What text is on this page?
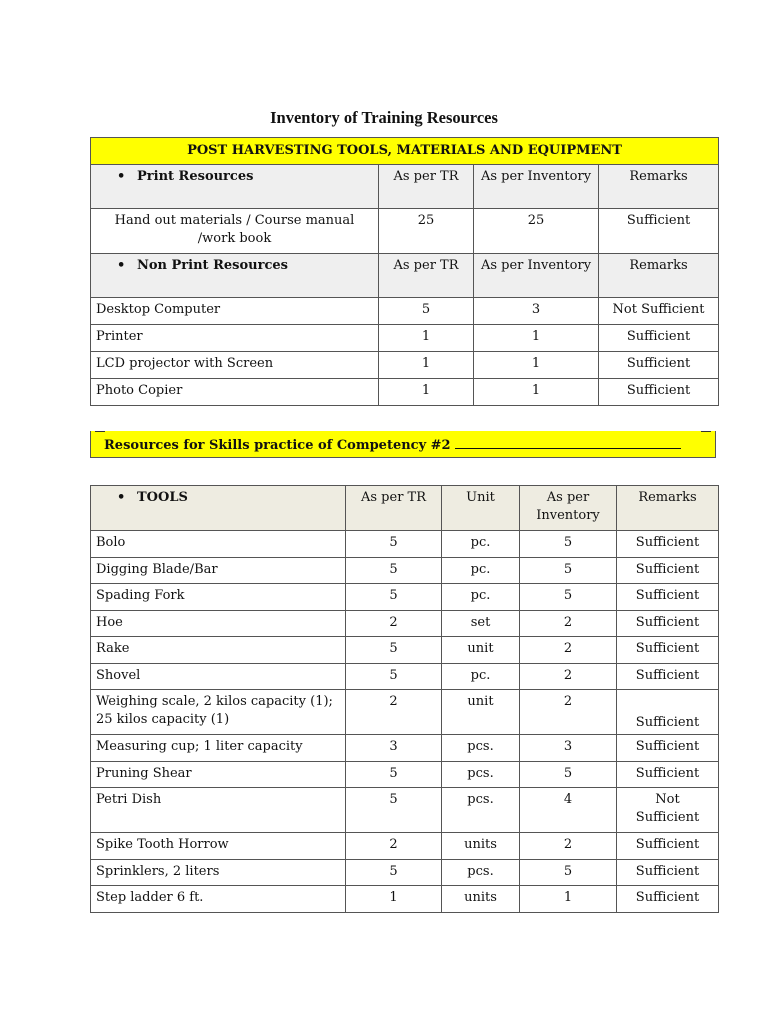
Inventory of Training Resources
POST HARVESTING TOOLS, MATERIALS AND EQUIPMENT			
• Print Resources	As per TR	As per Inventory	Remarks
Hand out materials / Course manual /work book	25	25	Sufficient
• Non Print Resources	As per TR	As per Inventory	Remarks
Desktop Computer	5	3	Not Sufficient
Printer	1	1	Sufficient
LCD projector with Screen	1	1	Sufficient
Photo Copier	1	1	Sufficient
Resources for Skills practice of Competency #2
• TOOLS	As per TR	Unit	As per Inventory	Remarks
Bolo	5	pc.	5	Sufficient
Digging Blade/Bar	5	pc.	5	Sufficient
Spading Fork	5	pc.	5	Sufficient
Hoe	2	set	2	Sufficient
Rake	5	unit	2	Sufficient
Shovel	5	pc.	2	Sufficient
Weighing scale, 2 kilos capacity (1); 25 kilos capacity (1)	2	unit	2	Sufficient
Measuring cup; 1 liter capacity	3	pcs.	3	Sufficient
Pruning Shear	5	pcs.	5	Sufficient
Petri Dish	5	pcs.	4	Not Sufficient
Spike Tooth Horrow	2	units	2	Sufficient
Sprinklers, 2 liters	5	pcs.	5	Sufficient
Step ladder 6 ft.	1	units	1	Sufficient
